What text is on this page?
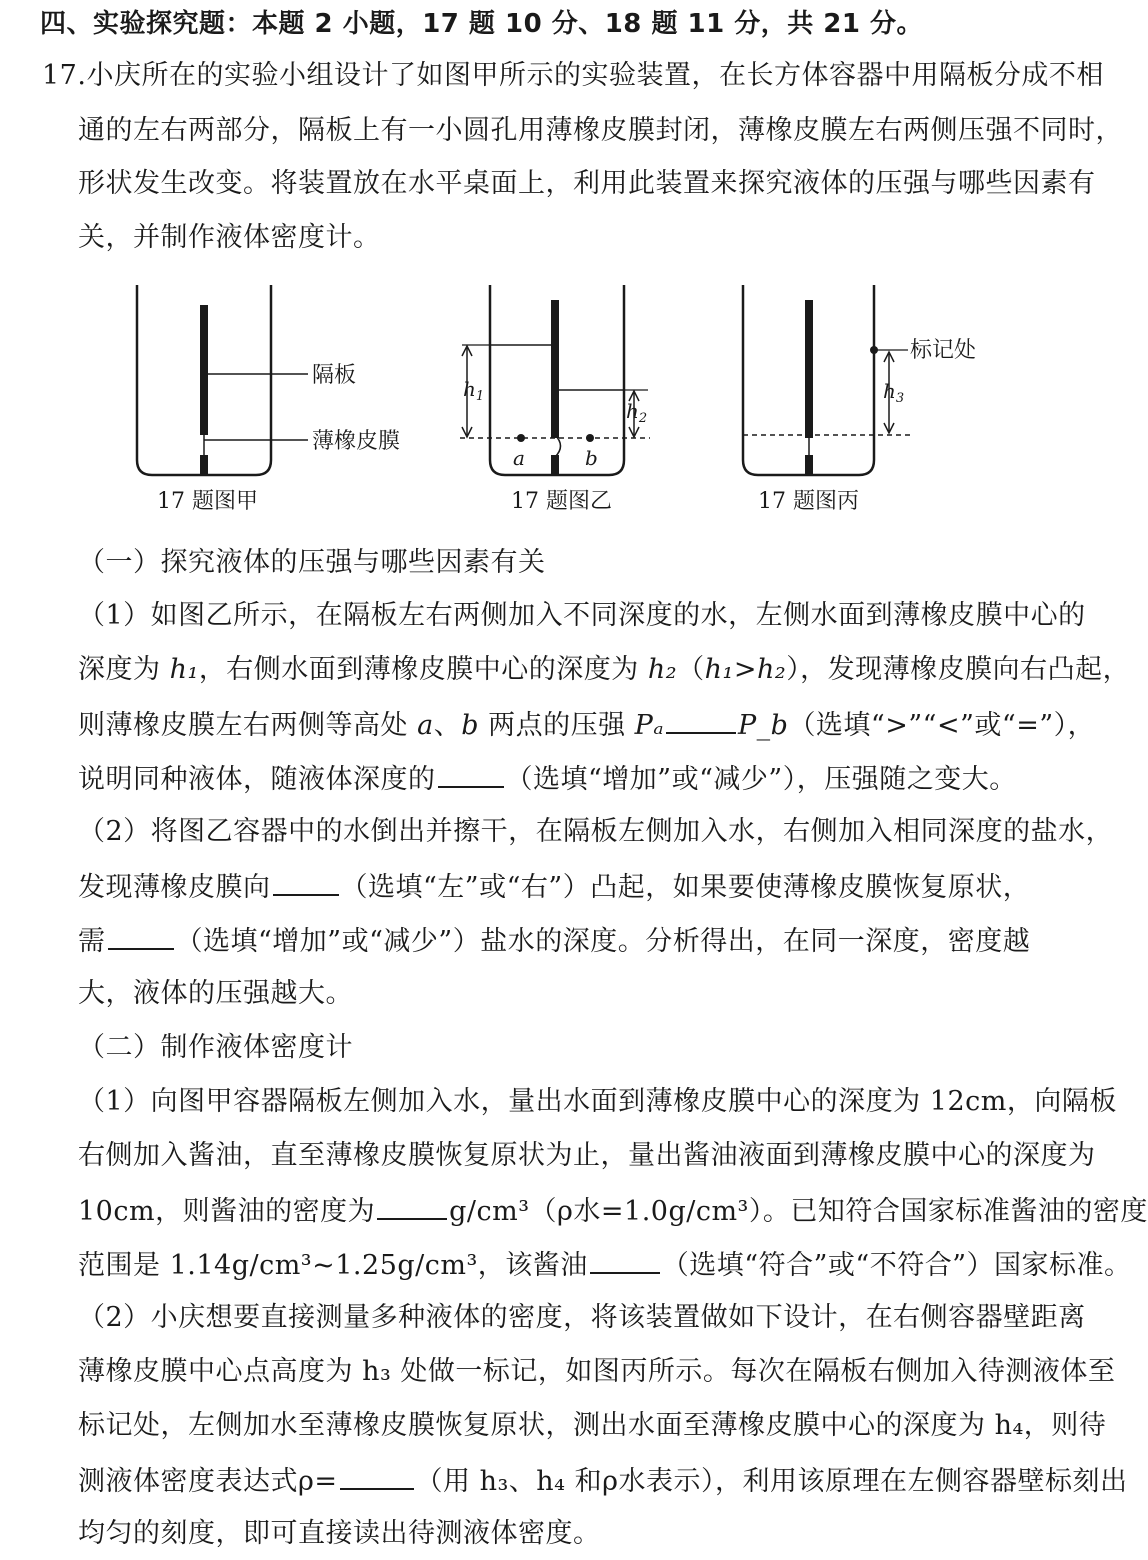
四、实验探究题：本题 2 小题，17 题 10 分、18 题 11 分，共 21 分。
17.小庆所在的实验小组设计了如图甲所示的实验装置，在长方体容器中用隔板分成不相
通的左右两部分，隔板上有一小圆孔用薄橡皮膜封闭，薄橡皮膜左右两侧压强不同时，
形状发生改变。将装置放在水平桌面上，利用此装置来探究液体的压强与哪些因素有
关，并制作液体密度计。
隔板
薄橡皮膜
17 题图甲
$h_1$
$h_2$
a	b
17 题图乙
标记处
$h_3$
17 题图丙
（一）探究液体的压强与哪些因素有关
（1）如图乙所示，在隔板左右两侧加入不同深度的水，左侧水面到薄橡皮膜中心的
深度为 h₁，右侧水面到薄橡皮膜中心的深度为 h₂（h₁>h₂），发现薄橡皮膜向右凸起，
则薄橡皮膜左右两侧等高处 a、b 两点的压强 Pₐ	P_b（选填“>”“<”或“=”），
说明同种液体，随液体深度的	（选填“增加”或“减少”），压强随之变大。
（2）将图乙容器中的水倒出并擦干，在隔板左侧加入水，右侧加入相同深度的盐水，
发现薄橡皮膜向	（选填“左”或“右”）凸起，如果要使薄橡皮膜恢复原状，
需	（选填“增加”或“减少”）盐水的深度。分析得出，在同一深度，密度越
大，液体的压强越大。
（二）制作液体密度计
（1）向图甲容器隔板左侧加入水，量出水面到薄橡皮膜中心的深度为 12cm，向隔板
右侧加入酱油，直至薄橡皮膜恢复原状为止，量出酱油液面到薄橡皮膜中心的深度为
10cm，则酱油的密度为	g/cm³（ρ水=1.0g/cm³）。已知符合国家标准酱油的密度
范围是 1.14g/cm³~1.25g/cm³，该酱油	（选填“符合”或“不符合”）国家标准。
（2）小庆想要直接测量多种液体的密度，将该装置做如下设计，在右侧容器壁距离
薄橡皮膜中心点高度为 h₃ 处做一标记，如图丙所示。每次在隔板右侧加入待测液体至
标记处，左侧加水至薄橡皮膜恢复原状，测出水面至薄橡皮膜中心的深度为 h₄，则待
测液体密度表达式ρ=	（用 h₃、h₄ 和ρ水表示），利用该原理在左侧容器壁标刻出
均匀的刻度，即可直接读出待测液体密度。
